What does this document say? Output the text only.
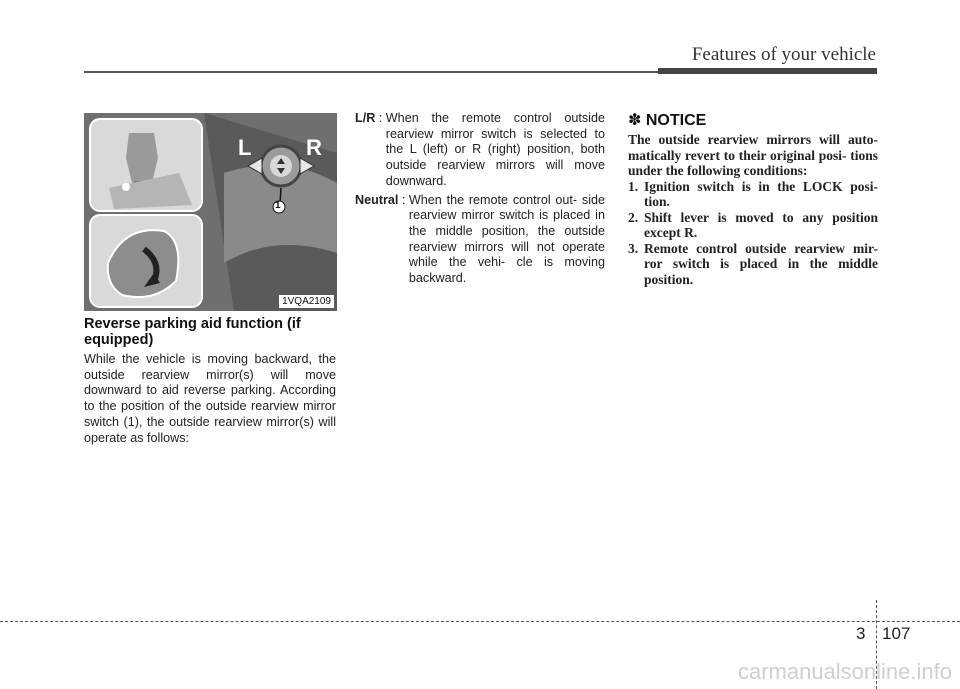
Features of your vehicle
L R
1
1VQA2109
Reverse parking aid function (if equipped)
While the vehicle is moving backward, the outside rearview mirror(s) will move downward to aid reverse parking. According to the position of the outside rearview mirror switch (1), the outside rearview mirror(s) will operate as follows:
L/R : When the remote control outside rearview mirror switch is selected to the L (left) or R (right) position, both outside rearview mirrors will move downward.
Neutral : When the remote control out- side rearview mirror switch is placed in the middle position, the outside rearview mirrors will not operate while the vehi- cle is moving backward.
✽ NOTICE
The outside rearview mirrors will auto- matically revert to their original posi- tions under the following conditions:
1. Ignition switch is in the LOCK posi- tion.
2. Shift lever is moved to any position except R.
3. Remote control outside rearview mir- ror switch is placed in the middle position.
3 107
carmanualsonline.info
